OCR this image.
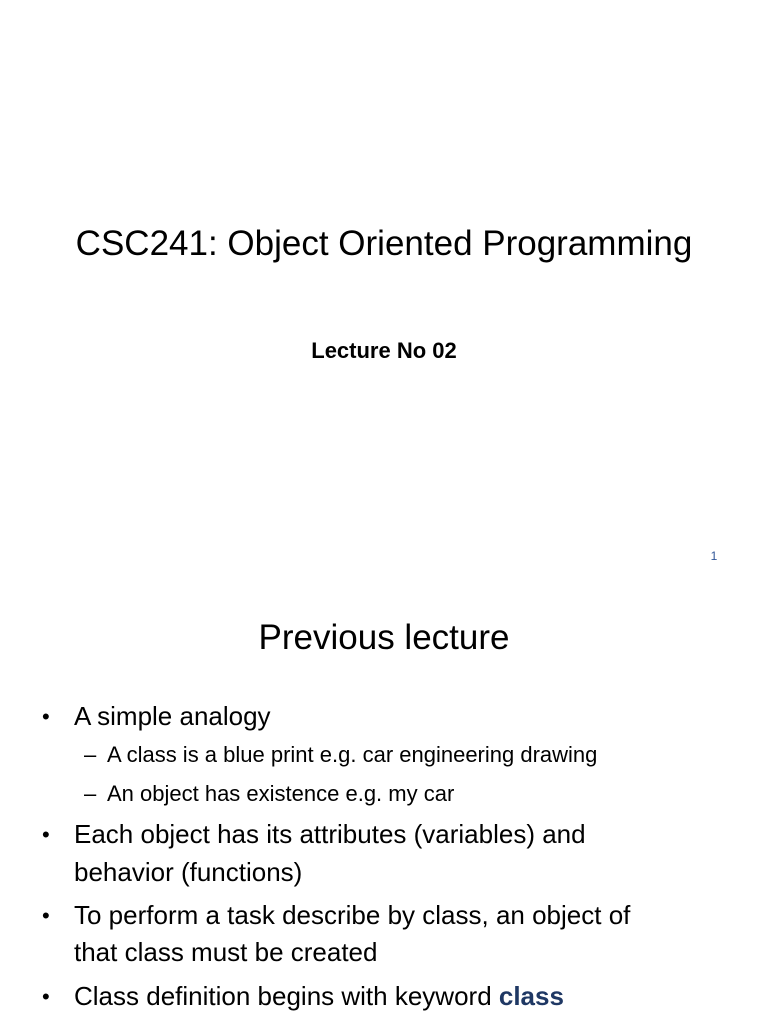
CSC241: Object Oriented Programming
Lecture No 02
1
Previous lecture
• A simple analogy
– A class is a blue print e.g. car engineering drawing
– An object has existence e.g. my car
• Each object has its attributes (variables) and
behavior (functions)
• To perform a task describe by class, an object of
that class must be created
• Class definition begins with keyword class
